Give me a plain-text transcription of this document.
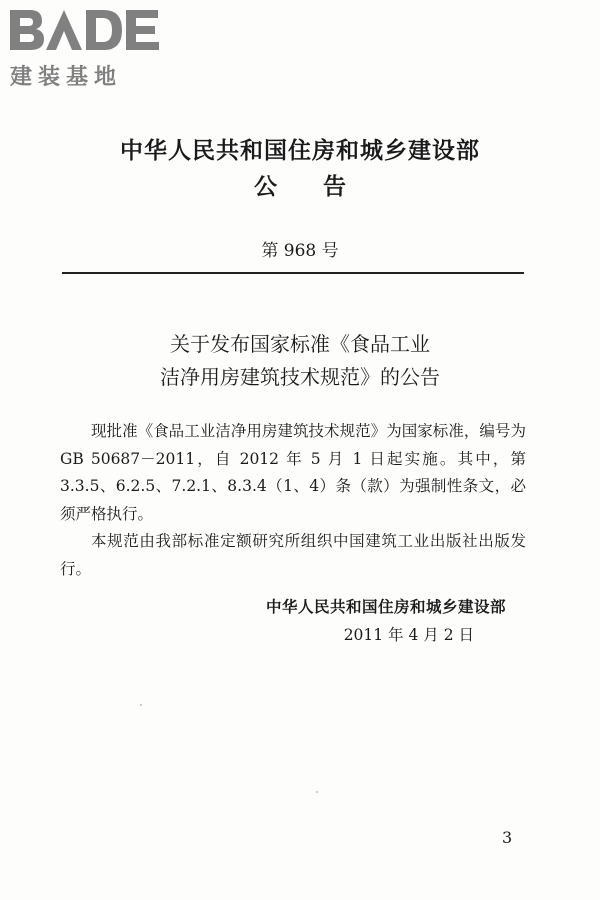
建装基地
中华人民共和国住房和城乡建设部
公告
第 968 号
关于发布国家标准《食品工业
洁净用房建筑技术规范》的公告

现批准《食品工业洁净用房建筑技术规范》为国家标准，编号为 GB 50687－2011，自 2012 年 5 月 1 日起实施。其中，第 3.3.5、6.2.5、7.2.1、8.3.4（1、4）条（款）为强制性条文，必须严格执行。

本规范由我部标准定额研究所组织中国建筑工业出版社出版发行。

中华人民共和国住房和城乡建设部
2011 年 4 月 2 日
3
